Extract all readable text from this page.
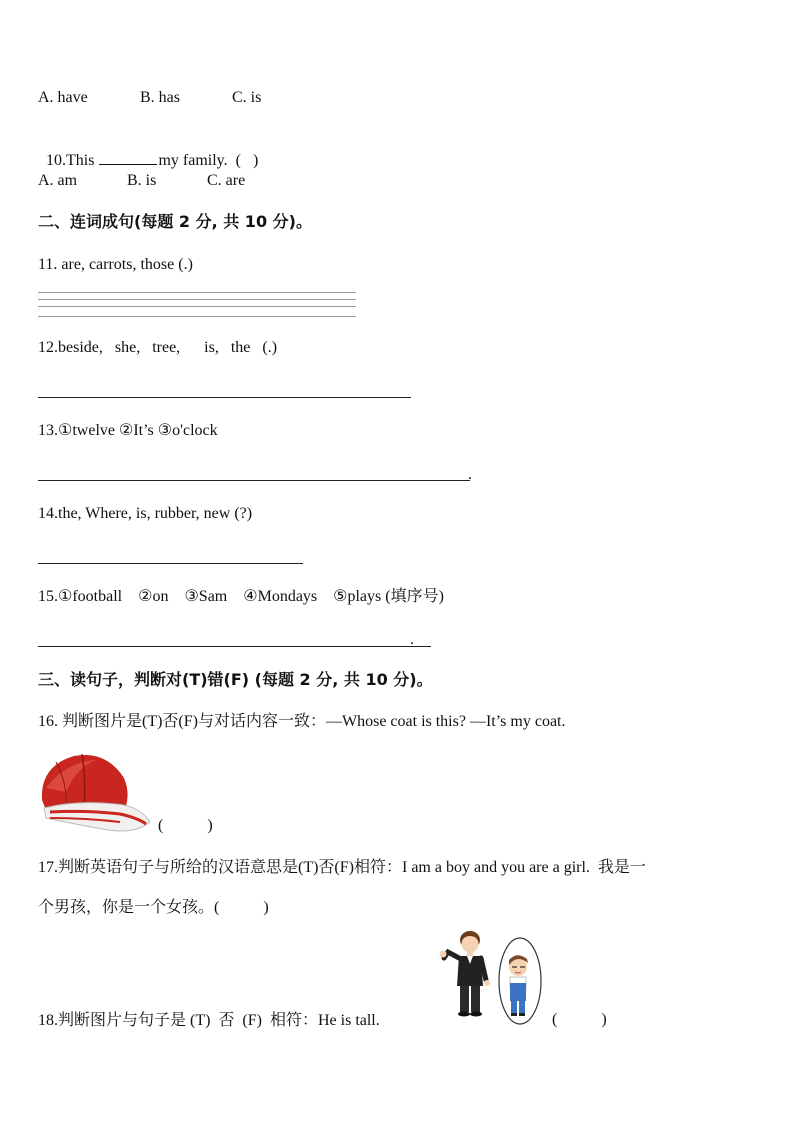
A. have	B. has	C. is

10.This	my family.  (   )

A. am	B. is	C. are
二、连词成句(每题 2 分, 共 10 分)。
11. are, carrots, those (.)
12.beside,   she,   tree,      is,   the   (.)
13.①twelve ②It’s ③o'clock
.
14.the, Where, is, rubber, new (?)
15.①football    ②on    ③Sam    ④Mondays    ⑤plays (填序号)
.
三、读句子，判断对(T)错(F) (每题 2 分, 共 10 分)。
16. 判断图片是(T)否(F)与对话内容一致：—Whose coat is this? —It’s my coat.
(           )
17.判断英语句子与所给的汉语意思是(T)否(F)相符：I am a boy and you are a girl.  我是一
个男孩，你是一个女孩。(           )
18.判断图片与句子是 (T)  否  (F)  相符：He is tall.	(           )
